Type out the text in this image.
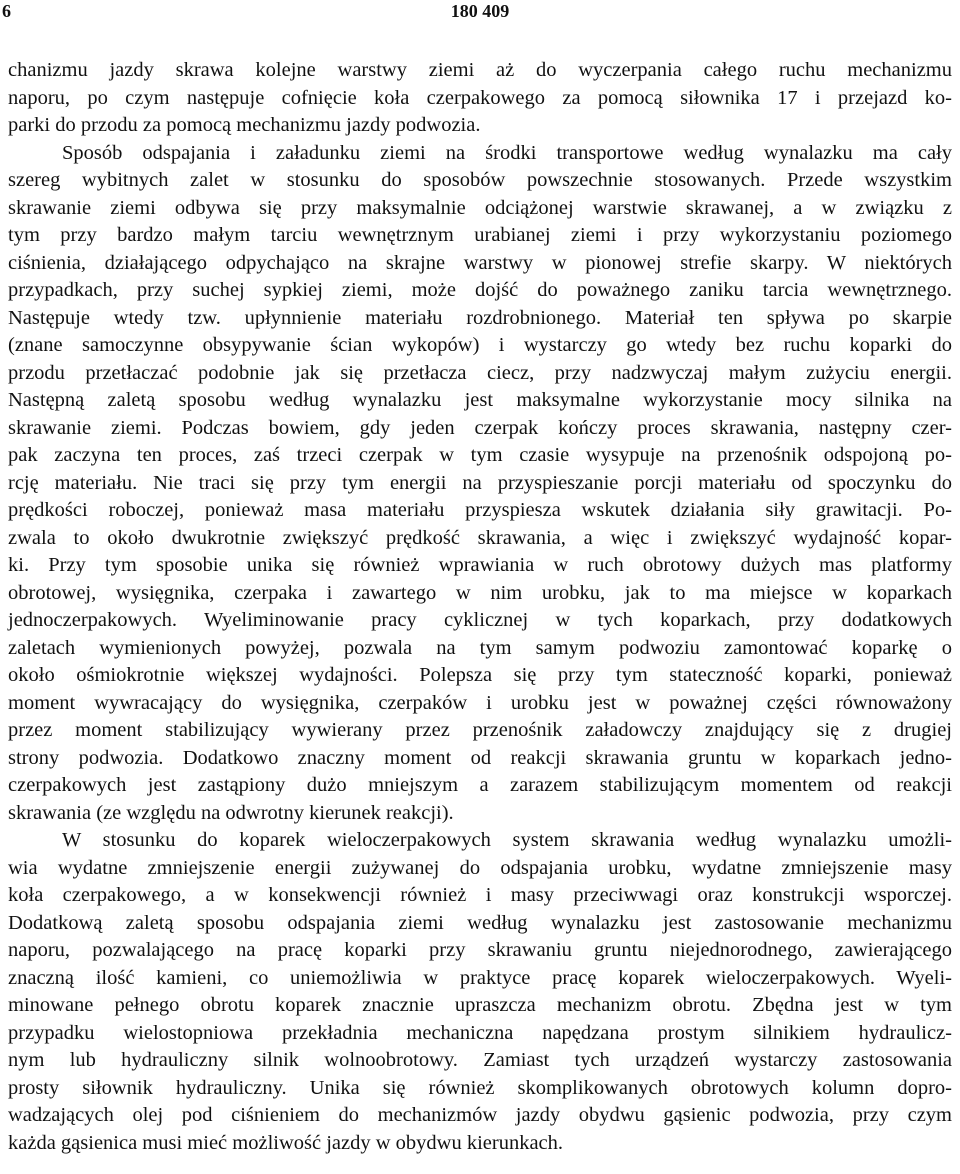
6	180 409
chanizmu jazdy skrawa kolejne warstwy ziemi aż do wyczerpania całego ruchu mechanizmu
naporu, po czym następuje cofnięcie koła czerpakowego za pomocą siłownika 17 i przejazd ko-
parki do przodu za pomocą mechanizmu jazdy podwozia.
Sposób odspajania i załadunku ziemi na środki transportowe według wynalazku ma cały
szereg wybitnych zalet w stosunku do sposobów powszechnie stosowanych. Przede wszystkim
skrawanie ziemi odbywa się przy maksymalnie odciążonej warstwie skrawanej, a w związku z
tym przy bardzo małym tarciu wewnętrznym urabianej ziemi i przy wykorzystaniu poziomego
ciśnienia, działającego odpychająco na skrajne warstwy w pionowej strefie skarpy. W niektórych
przypadkach, przy suchej sypkiej ziemi, może dojść do poważnego zaniku tarcia wewnętrznego.
Następuje wtedy tzw. upłynnienie materiału rozdrobnionego. Materiał ten spływa po skarpie
(znane samoczynne obsypywanie ścian wykopów) i wystarczy go wtedy bez ruchu koparki do
przodu przetłaczać podobnie jak się przetłacza ciecz, przy nadzwyczaj małym zużyciu energii.
Następną zaletą sposobu według wynalazku jest maksymalne wykorzystanie mocy silnika na
skrawanie ziemi. Podczas bowiem, gdy jeden czerpak kończy proces skrawania, następny czer-
pak zaczyna ten proces, zaś trzeci czerpak w tym czasie wysypuje na przenośnik odspojoną po-
rcję materiału. Nie traci się przy tym energii na przyspieszanie porcji materiału od spoczynku do
prędkości roboczej, ponieważ masa materiału przyspiesza wskutek działania siły grawitacji. Po-
zwala to około dwukrotnie zwiększyć prędkość skrawania, a więc i zwiększyć wydajność kopar-
ki. Przy tym sposobie unika się również wprawiania w ruch obrotowy dużych mas platformy
obrotowej, wysięgnika, czerpaka i zawartego w nim urobku, jak to ma miejsce w koparkach
jednoczerpakowych. Wyeliminowanie pracy cyklicznej w tych koparkach, przy dodatkowych
zaletach wymienionych powyżej, pozwala na tym samym podwoziu zamontować koparkę o
około ośmiokrotnie większej wydajności. Polepsza się przy tym stateczność koparki, ponieważ
moment wywracający do wysięgnika, czerpaków i urobku jest w poważnej części równoważony
przez moment stabilizujący wywierany przez przenośnik załadowczy znajdujący się z drugiej
strony podwozia. Dodatkowo znaczny moment od reakcji skrawania gruntu w koparkach jedno-
czerpakowych jest zastąpiony dużo mniejszym a zarazem stabilizującym momentem od reakcji
skrawania (ze względu na odwrotny kierunek reakcji).
W stosunku do koparek wieloczerpakowych system skrawania według wynalazku umożli-
wia wydatne zmniejszenie energii zużywanej do odspajania urobku, wydatne zmniejszenie masy
koła czerpakowego, a w konsekwencji również i masy przeciwwagi oraz konstrukcji wsporczej.
Dodatkową zaletą sposobu odspajania ziemi według wynalazku jest zastosowanie mechanizmu
naporu, pozwalającego na pracę koparki przy skrawaniu gruntu niejednorodnego, zawierającego
znaczną ilość kamieni, co uniemożliwia w praktyce pracę koparek wieloczerpakowych. Wyeli-
minowane pełnego obrotu koparek znacznie upraszcza mechanizm obrotu. Zbędna jest w tym
przypadku wielostopniowa przekładnia mechaniczna napędzana prostym silnikiem hydraulicz-
nym lub hydrauliczny silnik wolnoobrotowy. Zamiast tych urządzeń wystarczy zastosowania
prosty siłownik hydrauliczny. Unika się również skomplikowanych obrotowych kolumn dopro-
wadzających olej pod ciśnieniem do mechanizmów jazdy obydwu gąsienic podwozia, przy czym
każda gąsienica musi mieć możliwość jazdy w obydwu kierunkach.
